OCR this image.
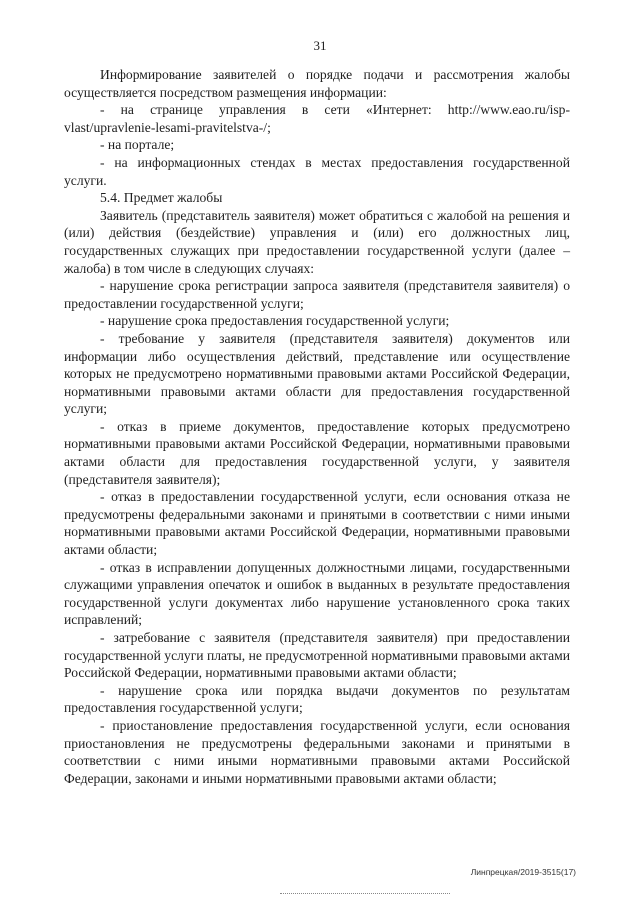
31

Информирование заявителей о порядке подачи и рассмотрения жалобы осуществляется посредством размещения информации:

- на странице управления в сети «Интернет: http://www.eao.ru/isp-vlast/upravlenie-lesami-pravitelstva-/;

- на портале;

- на информационных стендах в местах предоставления государственной услуги.

5.4. Предмет жалобы

Заявитель (представитель заявителя) может обратиться с жалобой на решения и (или) действия (бездействие) управления и (или) его должностных лиц, государственных служащих при предоставлении государственной услуги (далее – жалоба) в том числе в следующих случаях:

- нарушение срока регистрации запроса заявителя (представителя заявителя) о предоставлении государственной услуги;

- нарушение срока предоставления государственной услуги;

- требование у заявителя (представителя заявителя) документов или информации либо осуществления действий, представление или осуществление которых не предусмотрено нормативными правовыми актами Российской Федерации, нормативными правовыми актами области для предоставления государственной услуги;

- отказ в приеме документов, предоставление которых предусмотрено нормативными правовыми актами Российской Федерации, нормативными правовыми актами области для предоставления государственной услуги, у заявителя (представителя заявителя);

- отказ в предоставлении государственной услуги, если основания отказа не предусмотрены федеральными законами и принятыми в соответствии с ними иными нормативными правовыми актами Российской Федерации, нормативными правовыми актами области;

- отказ в исправлении допущенных должностными лицами, государственными служащими управления опечаток и ошибок в выданных в результате предоставления государственной услуги документах либо нарушение установленного срока таких исправлений;

- затребование с заявителя (представителя заявителя) при предоставлении государственной услуги платы, не предусмотренной нормативными правовыми актами Российской Федерации, нормативными правовыми актами области;

- нарушение срока или порядка выдачи документов по результатам предоставления государственной услуги;

- приостановление предоставления государственной услуги, если основания приостановления не предусмотрены федеральными законами и принятыми в соответствии с ними иными нормативными правовыми актами Российской Федерации, законами и иными нормативными правовыми актами области;

Линпрецкая/2019-3515(17)
